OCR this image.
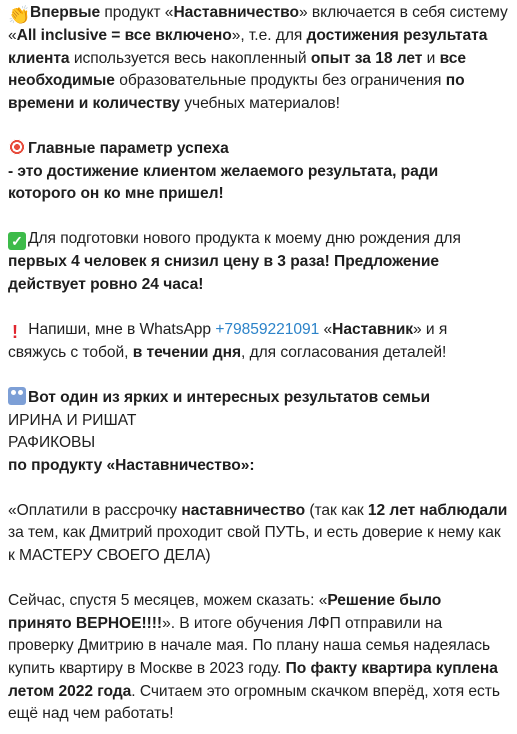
👏Впервые продукт «Наставничество» включается в себя систему «All inclusive = все включено», т.е. для достижения результата клиента используется весь накопленный опыт за 18 лет и все необходимые образовательные продукты без ограничения по времени и количеству учебных материалов!

Главные параметр успеха
- это достижение клиентом желаемого результата, ради которого он ко мне пришел!

✓ Для подготовки нового продукта к моему дню рождения для первых 4 человек я снизил цену в 3 раза! Предложение действует ровно 24 часа!

! Напиши, мне в WhatsApp +79859221091 «Наставник» и я свяжусь с тобой, в течении дня, для согласования деталей!

Вот один из ярких и интересных результатов семьи
ИРИНА И РИШАТ
РАФИКОВЫ
по продукту «Наставничество»:

«Оплатили в рассрочку наставничество (так как 12 лет наблюдали за тем, как Дмитрий проходит свой ПУТЬ, и есть доверие к нему как к МАСТЕРУ СВОЕГО ДЕЛА)

Сейчас, спустя 5 месяцев, можем сказать: «Решение было принято ВЕРНОЕ!!!!». В итоге обучения ЛФП отправили на проверку Дмитрию в начале мая. По плану наша семья надеялась купить квартиру в Москве в 2023 году. По факту квартира куплена летом 2022 года. Считаем это огромным скачком вперёд, хотя есть ещё над чем работать!
